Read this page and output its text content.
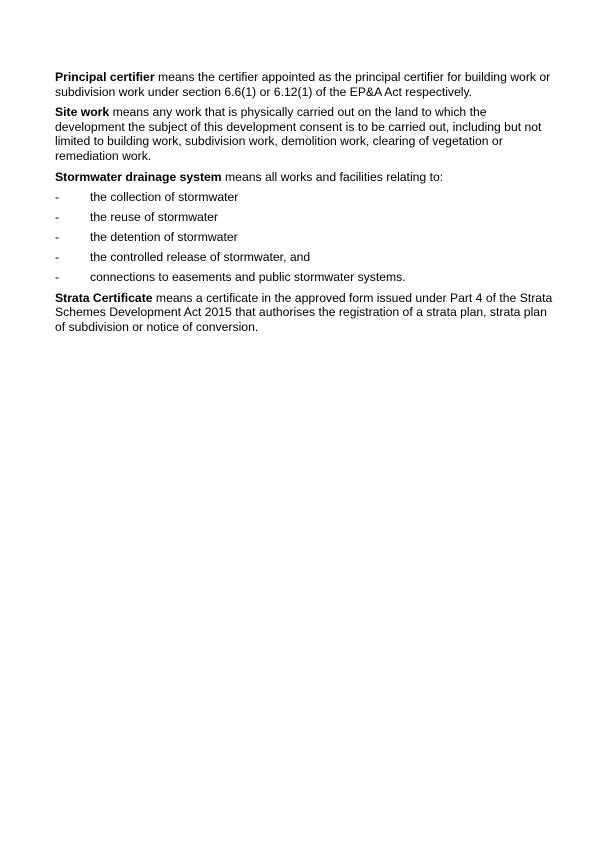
Principal certifier means the certifier appointed as the principal certifier for building work or subdivision work under section 6.6(1) or 6.12(1) of the EP&A Act respectively.

Site work means any work that is physically carried out on the land to which the development the subject of this development consent is to be carried out, including but not limited to building work, subdivision work, demolition work, clearing of vegetation or remediation work.

Stormwater drainage system means all works and facilities relating to:

-	the collection of stormwater
-	the reuse of stormwater
-	the detention of stormwater
-	the controlled release of stormwater, and
-	connections to easements and public stormwater systems.

Strata Certificate means a certificate in the approved form issued under Part 4 of the Strata Schemes Development Act 2015 that authorises the registration of a strata plan, strata plan of subdivision or notice of conversion.
